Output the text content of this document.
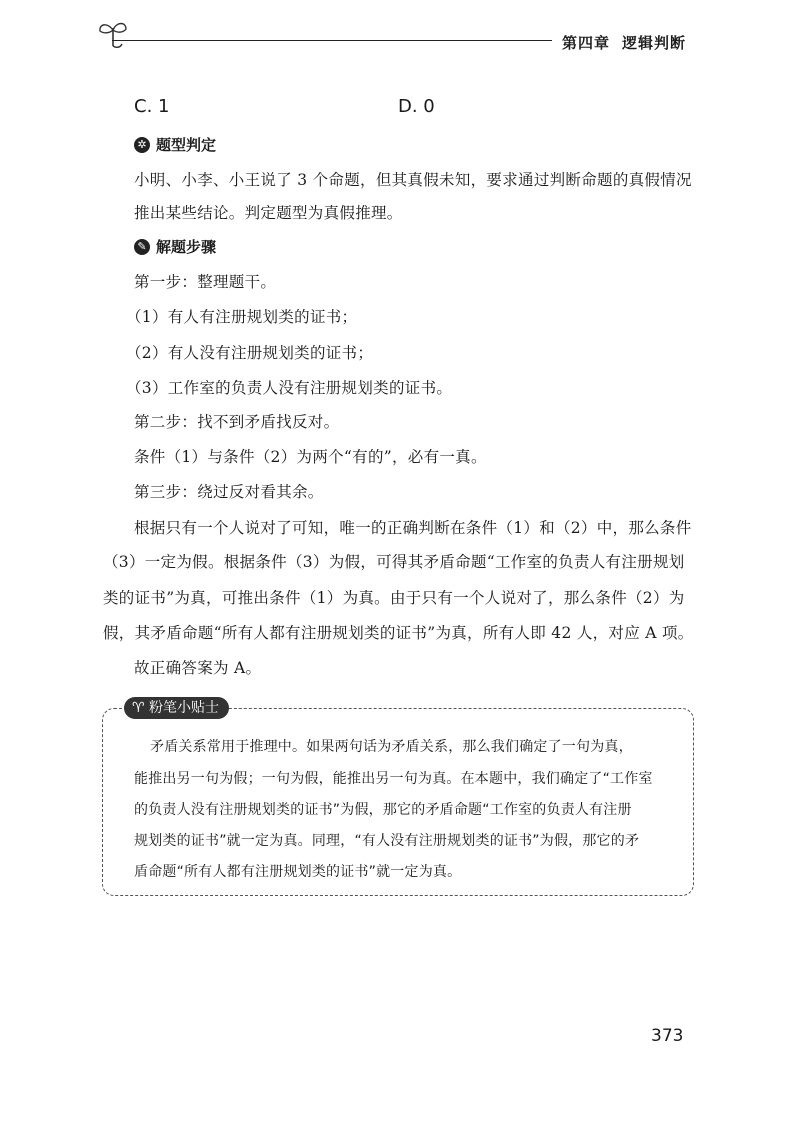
第四章 逻辑判断
C. 1	D. 0
✲ 题型判定
小明、小李、小王说了 3 个命题，但其真假未知，要求通过判断命题的真假情况
推出某些结论。判定题型为真假推理。
✎ 解题步骤
第一步：整理题干。
（1）有人有注册规划类的证书；
（2）有人没有注册规划类的证书；
（3）工作室的负责人没有注册规划类的证书。
第二步：找不到矛盾找反对。
条件（1）与条件（2）为两个“有的”，必有一真。
第三步：绕过反对看其余。
根据只有一个人说对了可知，唯一的正确判断在条件（1）和（2）中，那么条件
（3）一定为假。根据条件（3）为假，可得其矛盾命题“工作室的负责人有注册规划
类的证书”为真，可推出条件（1）为真。由于只有一个人说对了，那么条件（2）为
假，其矛盾命题“所有人都有注册规划类的证书”为真，所有人即 42 人，对应 A 项。
故正确答案为 A。
♈ 粉笔小贴士
矛盾关系常用于推理中。如果两句话为矛盾关系，那么我们确定了一句为真，
能推出另一句为假；一句为假，能推出另一句为真。在本题中，我们确定了“工作室
的负责人没有注册规划类的证书”为假，那它的矛盾命题“工作室的负责人有注册
规划类的证书”就一定为真。同理，“有人没有注册规划类的证书”为假，那它的矛
盾命题“所有人都有注册规划类的证书”就一定为真。
373
